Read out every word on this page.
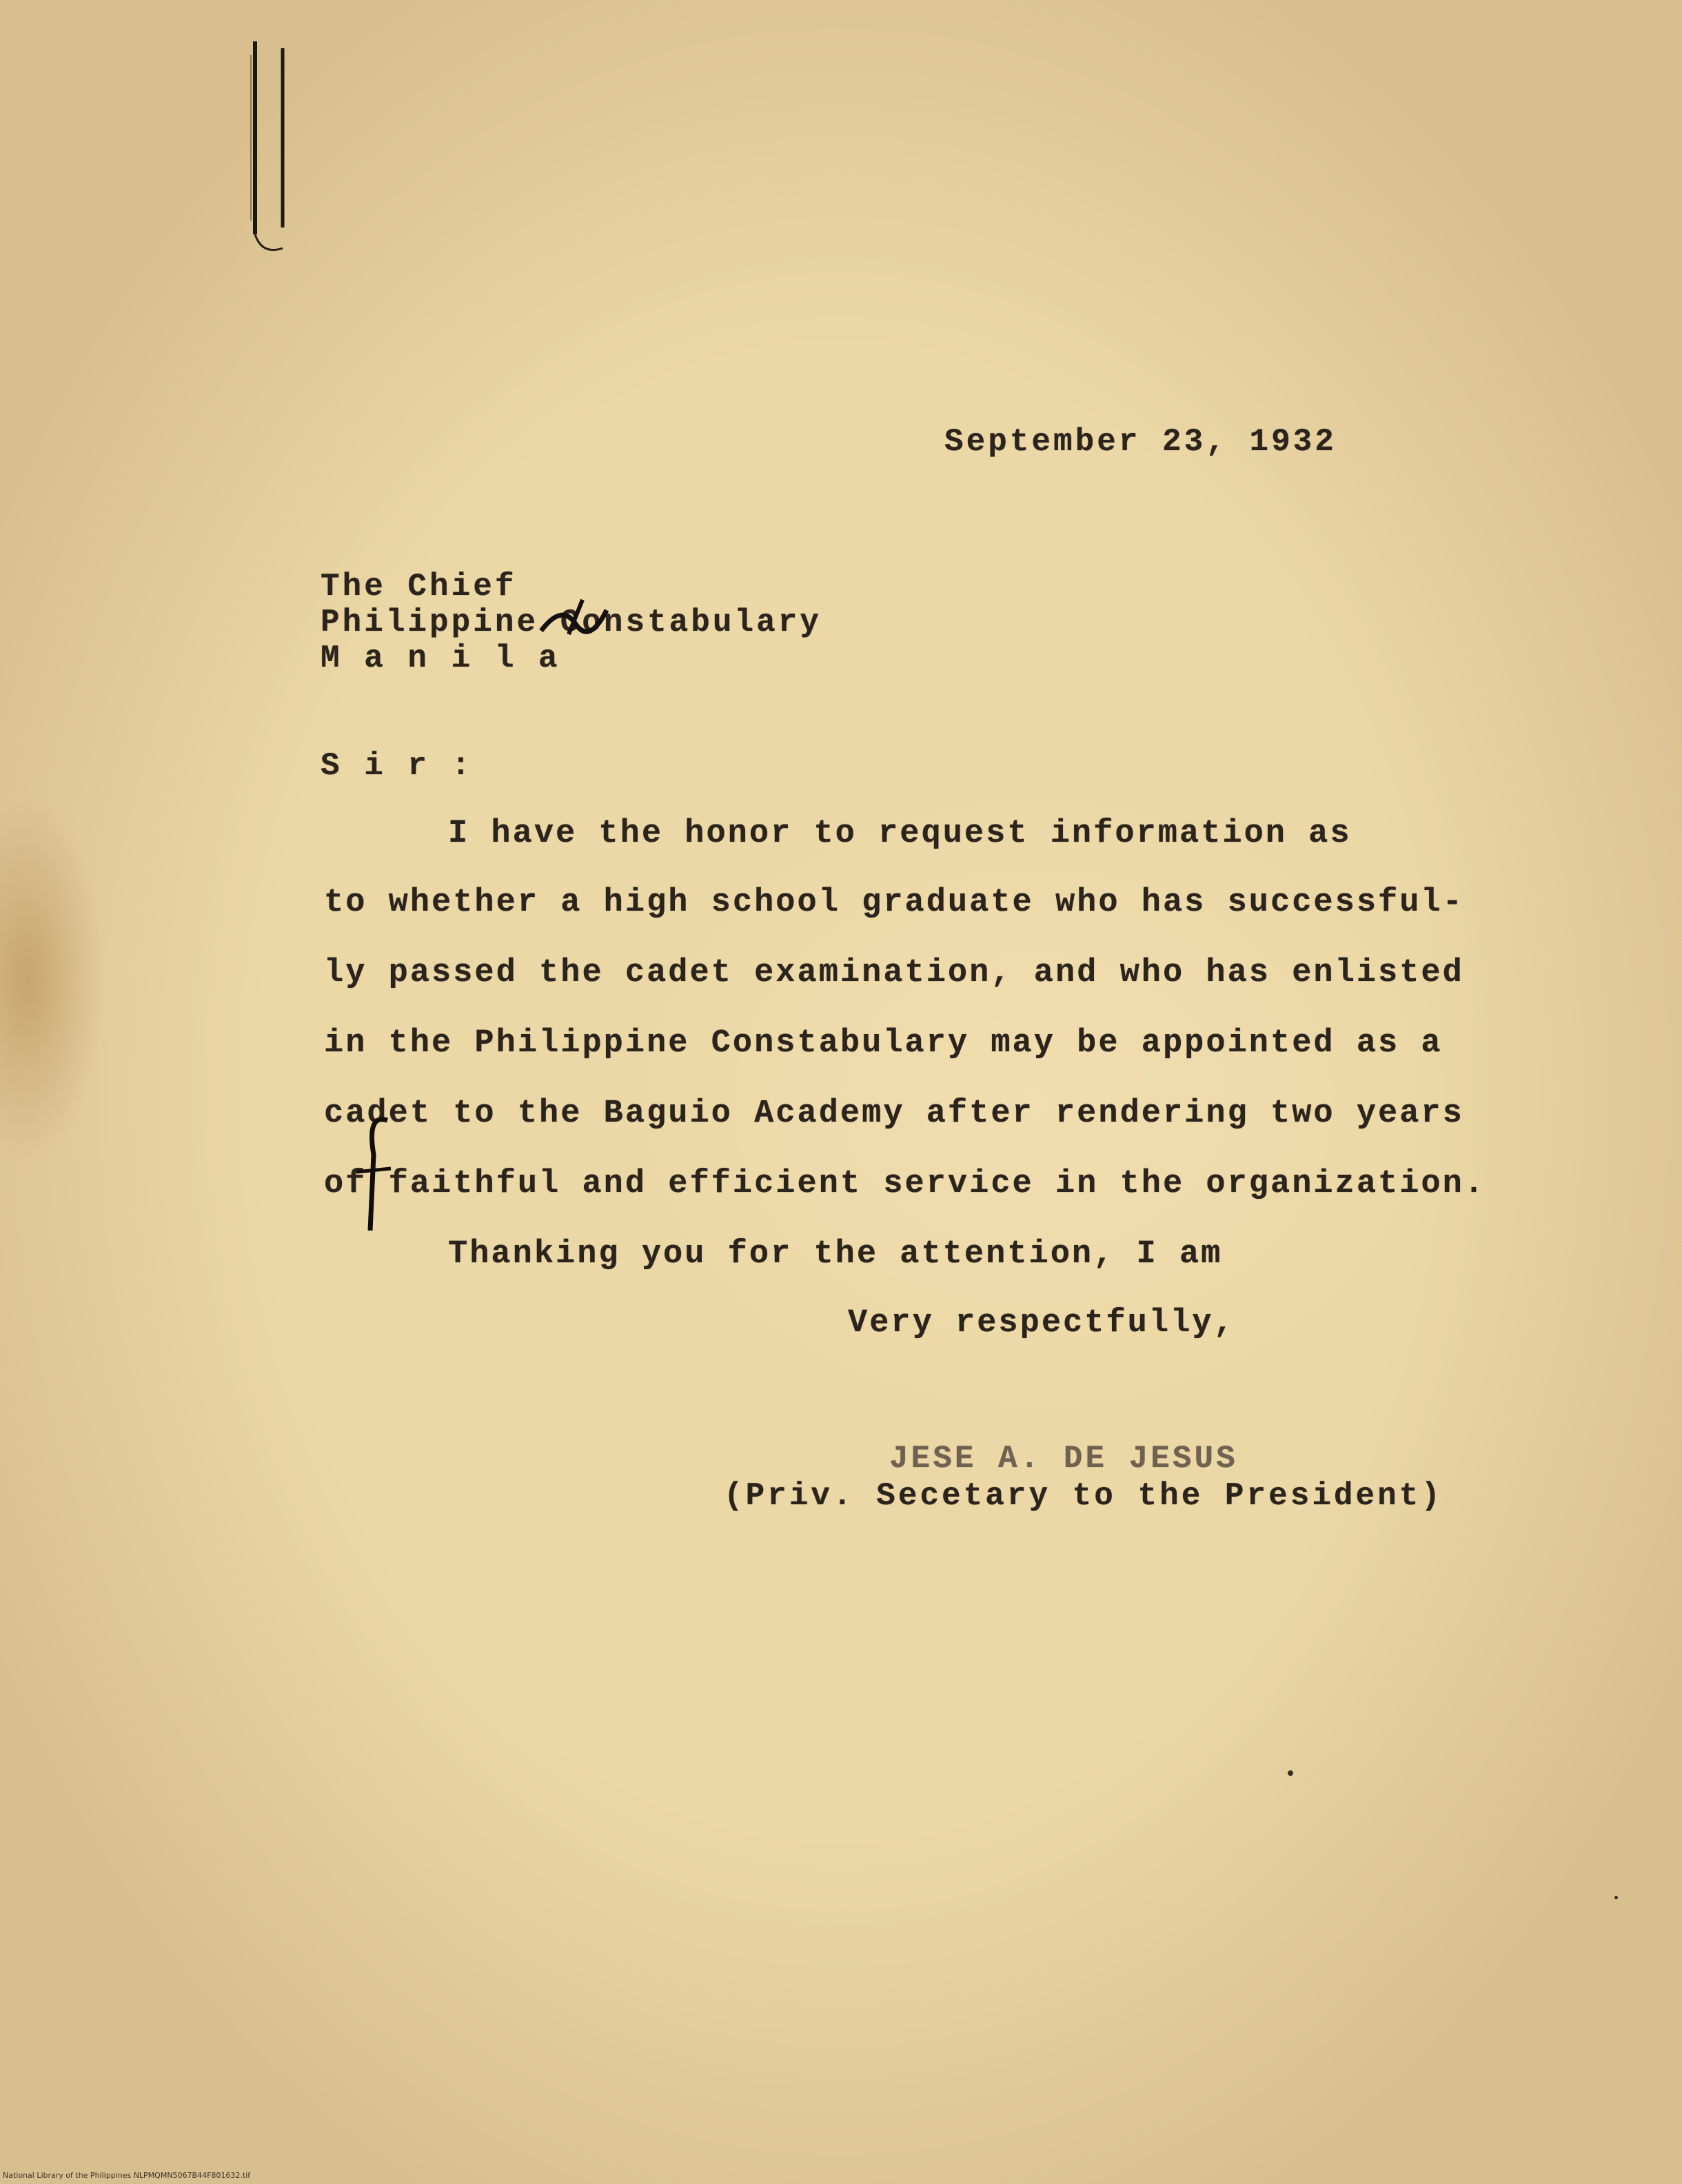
September 23, 1932

The Chief

Philippine Constabulary

M a n i l a

S i r :

I have the honor to request information as

to whether a high school graduate who has successful-

ly passed the cadet examination, and who has enlisted

in the Philippine Constabulary may be appointed as a

cadet to the Baguio Academy after rendering two years

of faithful and efficient service in the organization.

Thanking you for the attention, I am

Very respectfully,

JESE A. DE JESUS

(Priv. Secetary to the President)

National Library of the Philippines NLPMQMN5067B44F801632.tif
